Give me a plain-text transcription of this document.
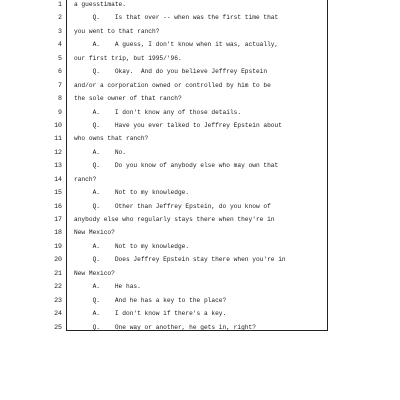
1
2
3
4
5
6
7
8
9
10
11
12
13
14
15
16
17
18
19
20
21
22
23
24
25
a guesstimate.
Q.    Is that over -- when was the first time that
you went to that ranch?
A.    A guess, I don't know when it was, actually,
our first trip, but 1995/'96.
Q.    Okay.  And do you believe Jeffrey Epstein
and/or a corporation owned or controlled by him to be
the sole owner of that ranch?
A.    I don't know any of those details.
Q.    Have you ever talked to Jeffrey Epstein about
who owns that ranch?
A.    No.
Q.    Do you know of anybody else who may own that
ranch?
A.    Not to my knowledge.
Q.    Other than Jeffrey Epstein, do you know of
anybody else who regularly stays there when they're in
New Mexico?
A.    Not to my knowledge.
Q.    Does Jeffrey Epstein stay there when you're in
New Mexico?
A.    He has.
Q.    And he has a key to the place?
A.    I don't know if there's a key.
Q.    One way or another, he gets in, right?
